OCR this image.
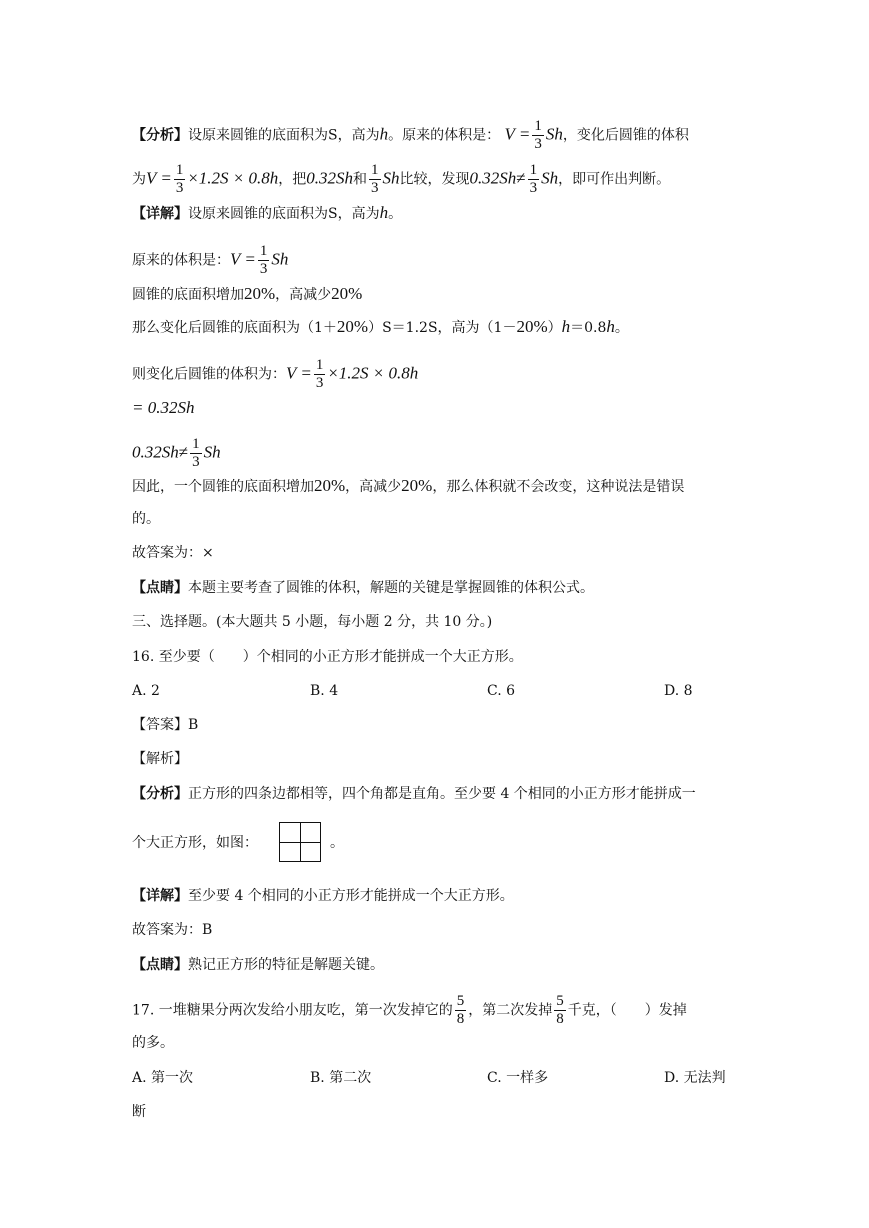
【分析】设原来圆锥的底面积为S，高为h。原来的体积是： $V = \frac{1}{3}$ Sh，变化后圆锥的体积
为$V = \frac{1}{3} \times 1.2S \times 0.8h$，把0.32Sh和 $\frac{1}{3}$ Sh比较，发现$0.32Sh\ne \frac{1}{3}$ Sh，即可作出判断。
【详解】设原来圆锥的底面积为S，高为h。
原来的体积是：$V = \frac{1}{3}$ Sh
圆锥的底面积增加20%，高减少20%
那么变化后圆锥的底面积为（1＋20%）S＝1.2S，高为（1－20%）h＝0.8h。
则变化后圆锥的体积为：$V = \frac{1}{3} \times 1.2S \times 0.8h$
= 0.32Sh
$0.32Sh\ne \frac{1}{3}$ Sh
因此，一个圆锥的底面积增加20%，高减少20%，那么体积就不会改变，这种说法是错误
的。
故答案为：×
【点睛】本题主要考查了圆锥的体积，解题的关键是掌握圆锥的体积公式。
三、选择题。(本大题共 5 小题，每小题 2 分，共 10 分。)
16. 至少要（　　）个相同的小正方形才能拼成一个大正方形。
A. 2	B. 4	C. 6	D. 8
【答案】B
【解析】
【分析】正方形的四条边都相等，四个角都是直角。至少要 4 个相同的小正方形才能拼成一
个大正方形，如图：	。
【详解】至少要 4 个相同的小正方形才能拼成一个大正方形。
故答案为：B
【点睛】熟记正方形的特征是解题关键。
17. 一堆糖果分两次发给小朋友吃，第一次发掉它的 $\frac{5}{8}$ ，第二次发掉 $\frac{5}{8}$ 千克，（　　）发掉
的多。
A. 第一次	B. 第二次	C. 一样多	D. 无法判
断
